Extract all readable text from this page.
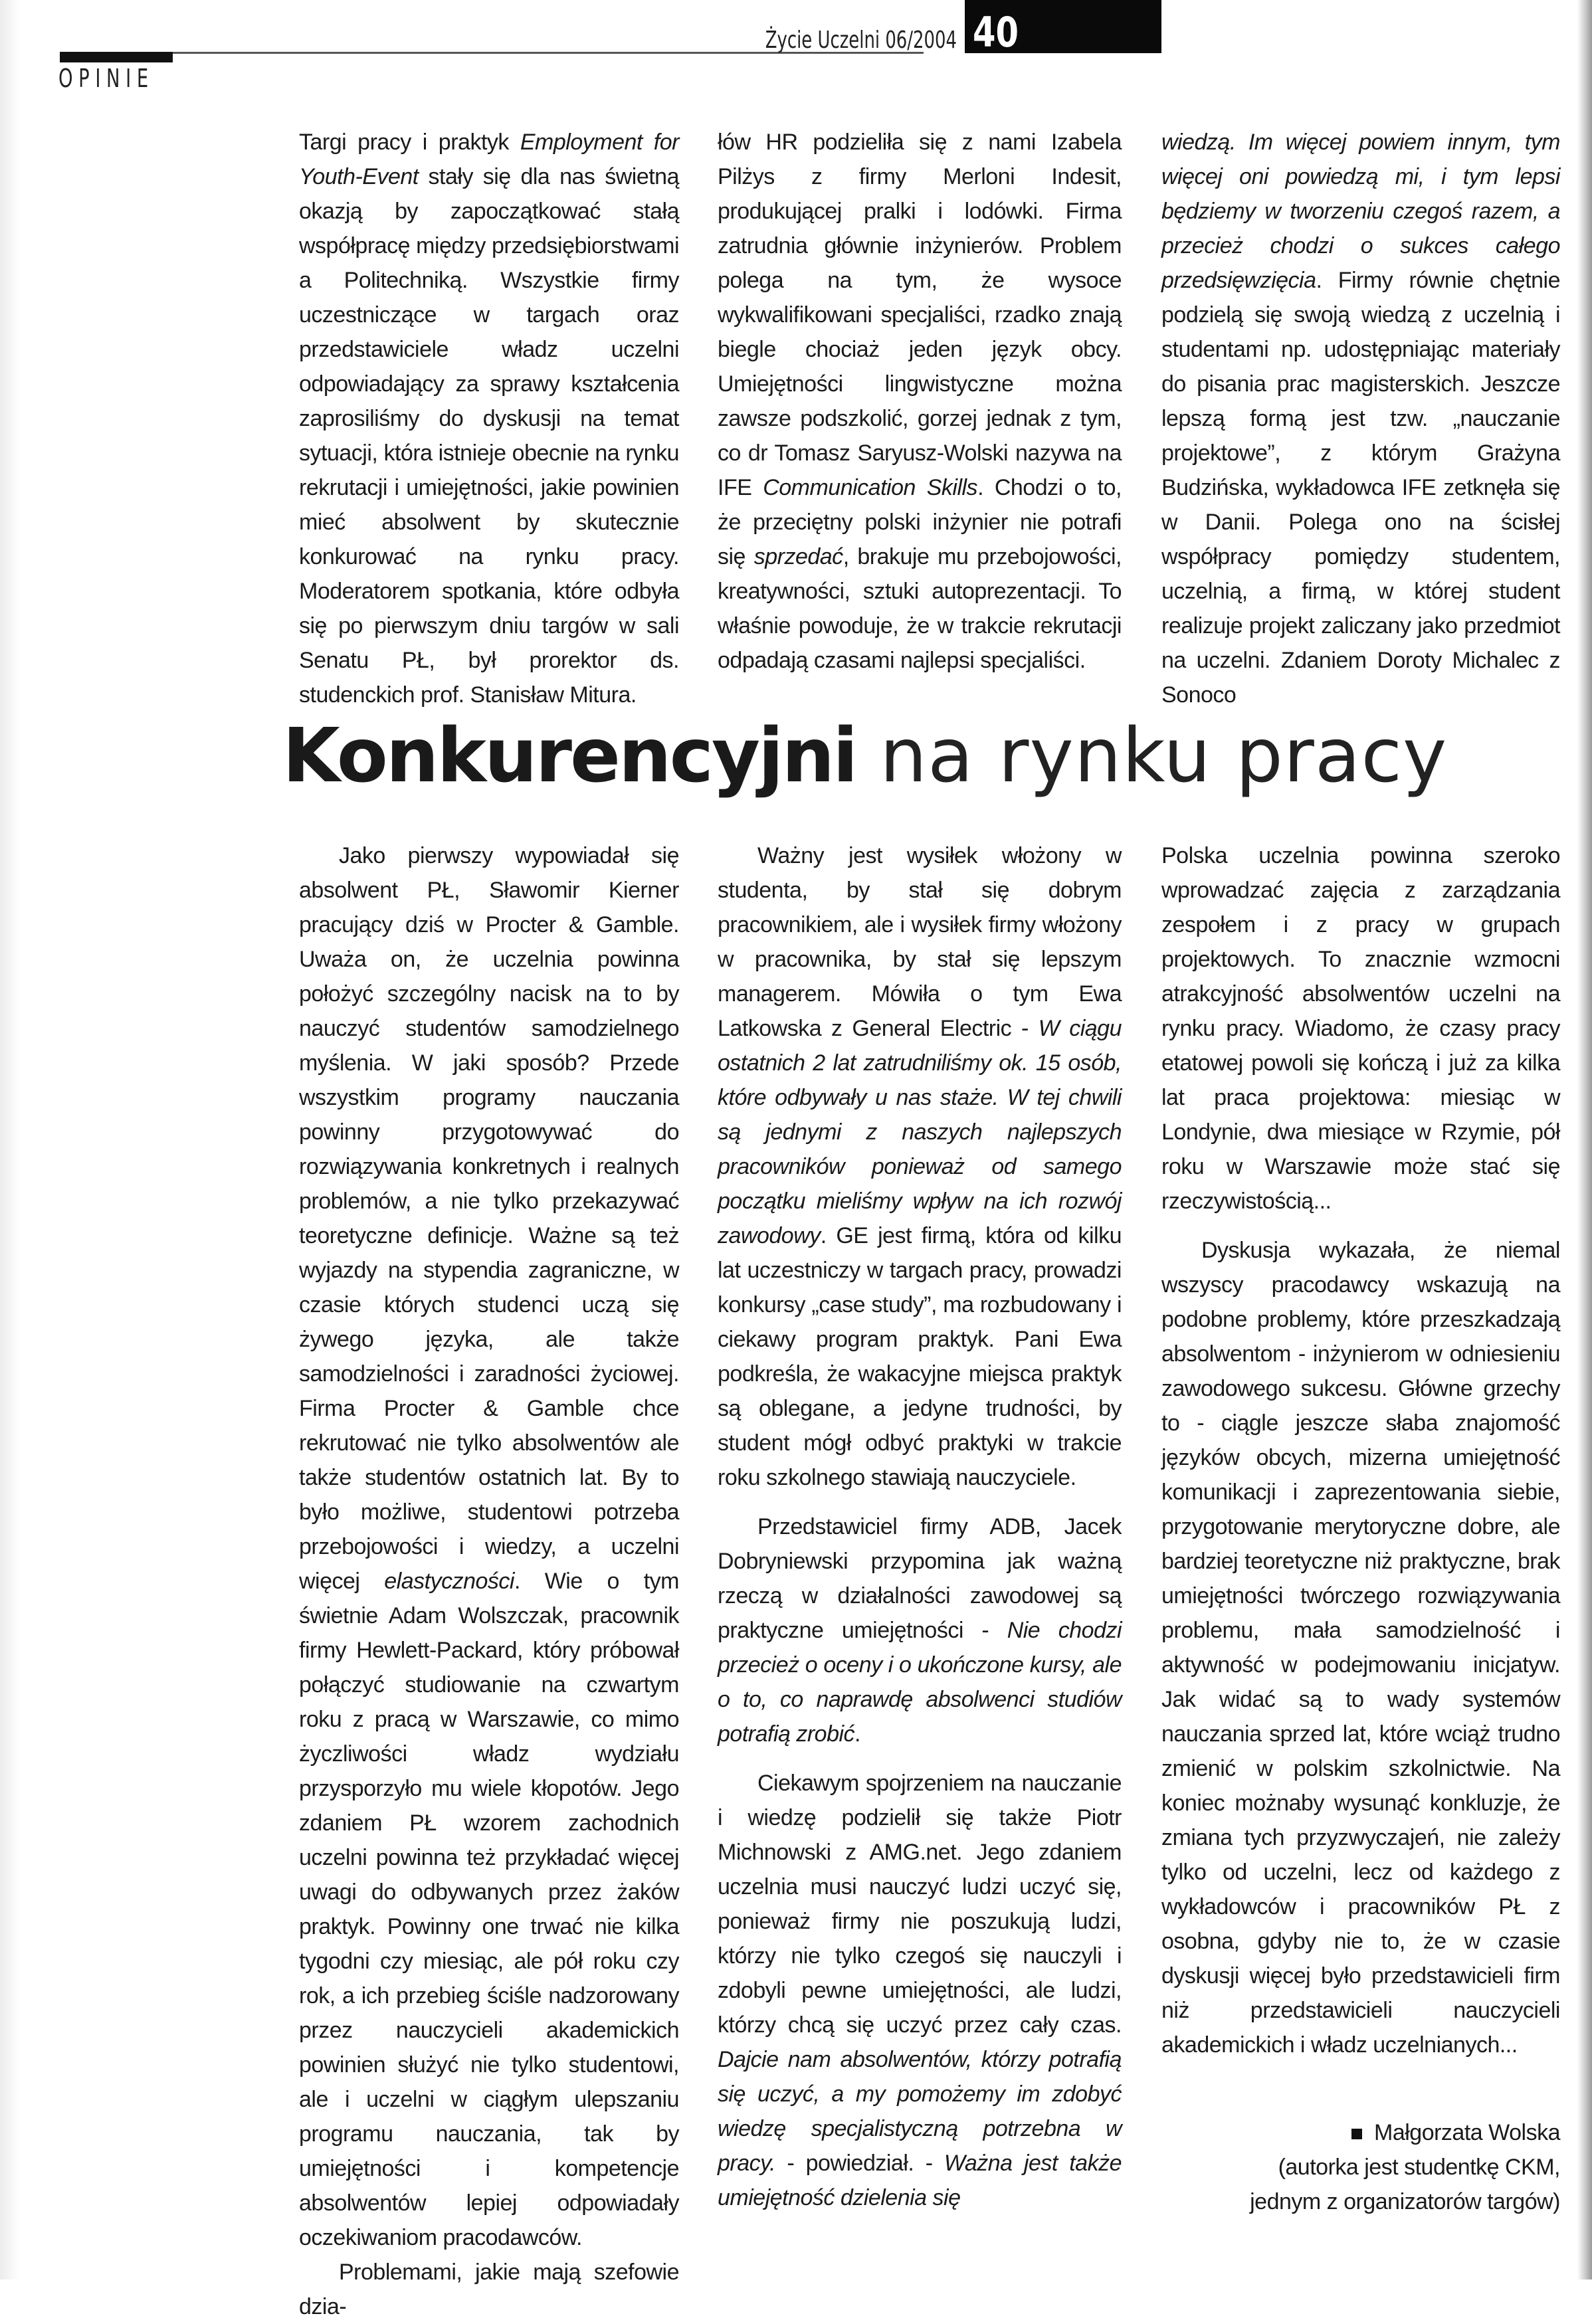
OPINIE
Życie Uczelni 06/2004 40

Targi pracy i praktyk Employment for Youth-Event stały się dla nas świetną okazją by zapoczątkować stałą współpracę między przedsiębiorstwami a Politechniką. Wszystkie firmy uczestniczące w targach oraz przedstawiciele władz uczelni odpowiadający za sprawy kształcenia zaprosiliśmy do dyskusji na temat sytuacji, która istnieje obecnie na rynku rekrutacji i umiejętności, jakie powinien mieć absolwent by skutecznie konkurować na rynku pracy. Moderatorem spotkania, które odbyła się po pierwszym dniu targów w sali Senatu PŁ, był prorektor ds. studenckich prof. Stanisław Mitura.

łów HR podzieliła się z nami Izabela Pilżys z firmy Merloni Indesit, produkującej pralki i lodówki. Firma zatrudnia głównie inżynierów. Problem polega na tym, że wysoce wykwalifikowani specjaliści, rzadko znają biegle chociaż jeden język obcy. Umiejętności lingwistyczne można zawsze podszkolić, gorzej jednak z tym, co dr Tomasz Saryusz-Wolski nazywa na IFE Communication Skills. Chodzi o to, że przeciętny polski inżynier nie potrafi się sprzedać, brakuje mu przebojowości, kreatywności, sztuki autoprezentacji. To właśnie powoduje, że w trakcie rekrutacji odpadają czasami najlepsi specjaliści.

wiedzą. Im więcej powiem innym, tym więcej oni powiedzą mi, i tym lepsi będziemy w tworzeniu czegoś razem, a przecież chodzi o sukces całego przedsięwzięcia. Firmy równie chętnie podzielą się swoją wiedzą z uczelnią i studentami np. udostępniając materiały do pisania prac magisterskich. Jeszcze lepszą formą jest tzw. „nauczanie projektowe”, z którym Grażyna Budzińska, wykładowca IFE zetknęła się w Danii. Polega ono na ścisłej współpracy pomiędzy studentem, uczelnią, a firmą, w której student realizuje projekt zaliczany jako przedmiot na uczelni. Zdaniem Doroty Michalec z Sonoco

Konkurencyjni na rynku pracy

Jako pierwszy wypowiadał się absolwent PŁ, Sławomir Kierner pracujący dziś w Procter & Gamble. Uważa on, że uczelnia powinna położyć szczególny nacisk na to by nauczyć studentów samodzielnego myślenia. W jaki sposób? Przede wszystkim programy nauczania powinny przygotowywać do rozwiązywania konkretnych i realnych problemów, a nie tylko przekazywać teoretyczne definicje. Ważne są też wyjazdy na stypendia zagraniczne, w czasie których studenci uczą się żywego języka, ale także samodzielności i zaradności życiowej. Firma Procter & Gamble chce rekrutować nie tylko absolwentów ale także studentów ostatnich lat. By to było możliwe, studentowi potrzeba przebojowości i wiedzy, a uczelni więcej elastyczności. Wie o tym świetnie Adam Wolszczak, pracownik firmy Hewlett-Packard, który próbował połączyć studiowanie na czwartym roku z pracą w Warszawie, co mimo życzliwości władz wydziału przysporzyło mu wiele kłopotów. Jego zdaniem PŁ wzorem zachodnich uczelni powinna też przykładać więcej uwagi do odbywanych przez żaków praktyk. Powinny one trwać nie kilka tygodni czy miesiąc, ale pół roku czy rok, a ich przebieg ściśle nadzorowany przez nauczycieli akademickich powinien służyć nie tylko studentowi, ale i uczelni w ciągłym ulepszaniu programu nauczania, tak by umiejętności i kompetencje absolwentów lepiej odpowiadały oczekiwaniom pracodawców.

Problemami, jakie mają szefowie dzia-

Ważny jest wysiłek włożony w studenta, by stał się dobrym pracownikiem, ale i wysiłek firmy włożony w pracownika, by stał się lepszym managerem. Mówiła o tym Ewa Latkowska z General Electric - W ciągu ostatnich 2 lat zatrudniliśmy ok. 15 osób, które odbywały u nas staże. W tej chwili są jednymi z naszych najlepszych pracowników ponieważ od samego początku mieliśmy wpływ na ich rozwój zawodowy. GE jest firmą, która od kilku lat uczestniczy w targach pracy, prowadzi konkursy „case study”, ma rozbudowany i ciekawy program praktyk. Pani Ewa podkreśla, że wakacyjne miejsca praktyk są oblegane, a jedyne trudności, by student mógł odbyć praktyki w trakcie roku szkolnego stawiają nauczyciele.

Przedstawiciel firmy ADB, Jacek Dobryniewski przypomina jak ważną rzeczą w działalności zawodowej są praktyczne umiejętności - Nie chodzi przecież o oceny i o ukończone kursy, ale o to, co naprawdę absolwenci studiów potrafią zrobić.

Ciekawym spojrzeniem na nauczanie i wiedzę podzielił się także Piotr Michnowski z AMG.net. Jego zdaniem uczelnia musi nauczyć ludzi uczyć się, ponieważ firmy nie poszukują ludzi, którzy nie tylko czegoś się nauczyli i zdobyli pewne umiejętności, ale ludzi, którzy chcą się uczyć przez cały czas. Dajcie nam absolwentów, którzy potrafią się uczyć, a my pomożemy im zdobyć wiedzę specjalistyczną potrzebna w pracy. - powiedział. - Ważna jest także umiejętność dzielenia się

Polska uczelnia powinna szeroko wprowadzać zajęcia z zarządzania zespołem i z pracy w grupach projektowych. To znacznie wzmocni atrakcyjność absolwentów uczelni na rynku pracy. Wiadomo, że czasy pracy etatowej powoli się kończą i już za kilka lat praca projektowa: miesiąc w Londynie, dwa miesiące w Rzymie, pół roku w Warszawie może stać się rzeczywistością...

Dyskusja wykazała, że niemal wszyscy pracodawcy wskazują na podobne problemy, które przeszkadzają absolwentom - inżynierom w odniesieniu zawodowego sukcesu. Główne grzechy to - ciągle jeszcze słaba znajomość języków obcych, mizerna umiejętność komunikacji i zaprezentowania siebie, przygotowanie merytoryczne dobre, ale bardziej teoretyczne niż praktyczne, brak umiejętności twórczego rozwiązywania problemu, mała samodzielność i aktywność w podejmowaniu inicjatyw. Jak widać są to wady systemów nauczania sprzed lat, które wciąż trudno zmienić w polskim szkolnictwie. Na koniec możnaby wysunąć konkluzje, że zmiana tych przyzwyczajeń, nie zależy tylko od uczelni, lecz od każdego z wykładowców i pracowników PŁ z osobna, gdyby nie to, że w czasie dyskusji więcej było przedstawicieli firm niż przedstawicieli nauczycieli akademickich i władz uczelnianych...

Małgorzata Wolska
(autorka jest studentkę CKM,
jednym z organizatorów targów)
